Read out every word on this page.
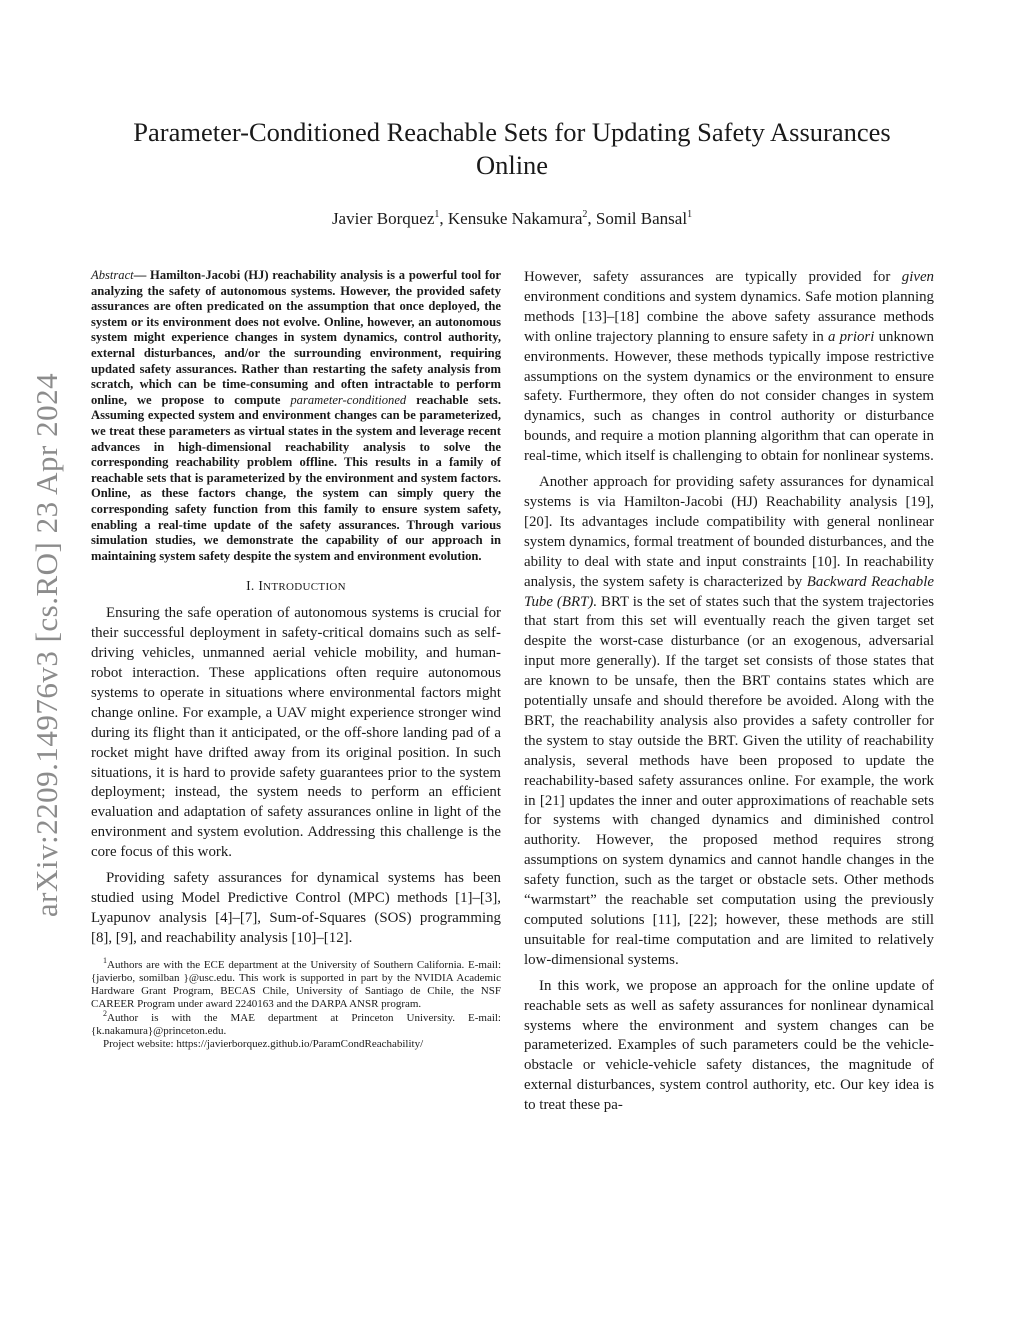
arXiv:2209.14976v3 [cs.RO] 23 Apr 2024
Parameter-Conditioned Reachable Sets for Updating Safety Assurances Online
Javier Borquez$^1$, Kensuke Nakamura$^2$, Somil Bansal$^1$

Abstract— Hamilton-Jacobi (HJ) reachability analysis is a powerful tool for analyzing the safety of autonomous systems. However, the provided safety assurances are often predicated on the assumption that once deployed, the system or its environment does not evolve. Online, however, an autonomous system might experience changes in system dynamics, control authority, external disturbances, and/or the surrounding environment, requiring updated safety assurances. Rather than restarting the safety analysis from scratch, which can be time-consuming and often intractable to perform online, we propose to compute parameter-conditioned reachable sets. Assuming expected system and environment changes can be parameterized, we treat these parameters as virtual states in the system and leverage recent advances in high-dimensional reachability analysis to solve the corresponding reachability problem offline. This results in a family of reachable sets that is parameterized by the environment and system factors. Online, as these factors change, the system can simply query the corresponding safety function from this family to ensure system safety, enabling a real-time update of the safety assurances. Through various simulation studies, we demonstrate the capability of our approach in maintaining system safety despite the system and environment evolution.

I. INTRODUCTION

Ensuring the safe operation of autonomous systems is crucial for their successful deployment in safety-critical domains such as self-driving vehicles, unmanned aerial vehicle mobility, and human-robot interaction. These applications often require autonomous systems to operate in situations where environmental factors might change online. For example, a UAV might experience stronger wind during its flight than it anticipated, or the off-shore landing pad of a rocket might have drifted away from its original position. In such situations, it is hard to provide safety guarantees prior to the system deployment; instead, the system needs to perform an efficient evaluation and adaptation of safety assurances online in light of the environment and system evolution. Addressing this challenge is the core focus of this work.

Providing safety assurances for dynamical systems has been studied using Model Predictive Control (MPC) methods [1]–[3], Lyapunov analysis [4]–[7], Sum-of-Squares (SOS) programming [8], [9], and reachability analysis [10]–[12].

$^1$Authors are with the ECE department at the University of Southern California. E-mail: {javierbo, somilban }@usc.edu. This work is supported in part by the NVIDIA Academic Hardware Grant Program, BECAS Chile, University of Santiago de Chile, the NSF CAREER Program under award 2240163 and the DARPA ANSR program.

$^2$Author is with the MAE department at Princeton University. E-mail: {k.nakamura}@princeton.edu.

Project website: https://javierborquez.github.io/ParamCondReachability/

However, safety assurances are typically provided for given environment conditions and system dynamics. Safe motion planning methods [13]–[18] combine the above safety assurance methods with online trajectory planning to ensure safety in a priori unknown environments. However, these methods typically impose restrictive assumptions on the system dynamics or the environment to ensure safety. Furthermore, they often do not consider changes in system dynamics, such as changes in control authority or disturbance bounds, and require a motion planning algorithm that can operate in real-time, which itself is challenging to obtain for nonlinear systems.

Another approach for providing safety assurances for dynamical systems is via Hamilton-Jacobi (HJ) Reachability analysis [19], [20]. Its advantages include compatibility with general nonlinear system dynamics, formal treatment of bounded disturbances, and the ability to deal with state and input constraints [10]. In reachability analysis, the system safety is characterized by Backward Reachable Tube (BRT). BRT is the set of states such that the system trajectories that start from this set will eventually reach the given target set despite the worst-case disturbance (or an exogenous, adversarial input more generally). If the target set consists of those states that are known to be unsafe, then the BRT contains states which are potentially unsafe and should therefore be avoided. Along with the BRT, the reachability analysis also provides a safety controller for the system to stay outside the BRT. Given the utility of reachability analysis, several methods have been proposed to update the reachability-based safety assurances online. For example, the work in [21] updates the inner and outer approximations of reachable sets for systems with changed dynamics and diminished control authority. However, the proposed method requires strong assumptions on system dynamics and cannot handle changes in the safety function, such as the target or obstacle sets. Other methods “warmstart” the reachable set computation using the previously computed solutions [11], [22]; however, these methods are still unsuitable for real-time computation and are limited to relatively low-dimensional systems.

In this work, we propose an approach for the online update of reachable sets as well as safety assurances for nonlinear dynamical systems where the environment and system changes can be parameterized. Examples of such parameters could be the vehicle-obstacle or vehicle-vehicle safety distances, the magnitude of external disturbances, system control authority, etc. Our key idea is to treat these pa-
